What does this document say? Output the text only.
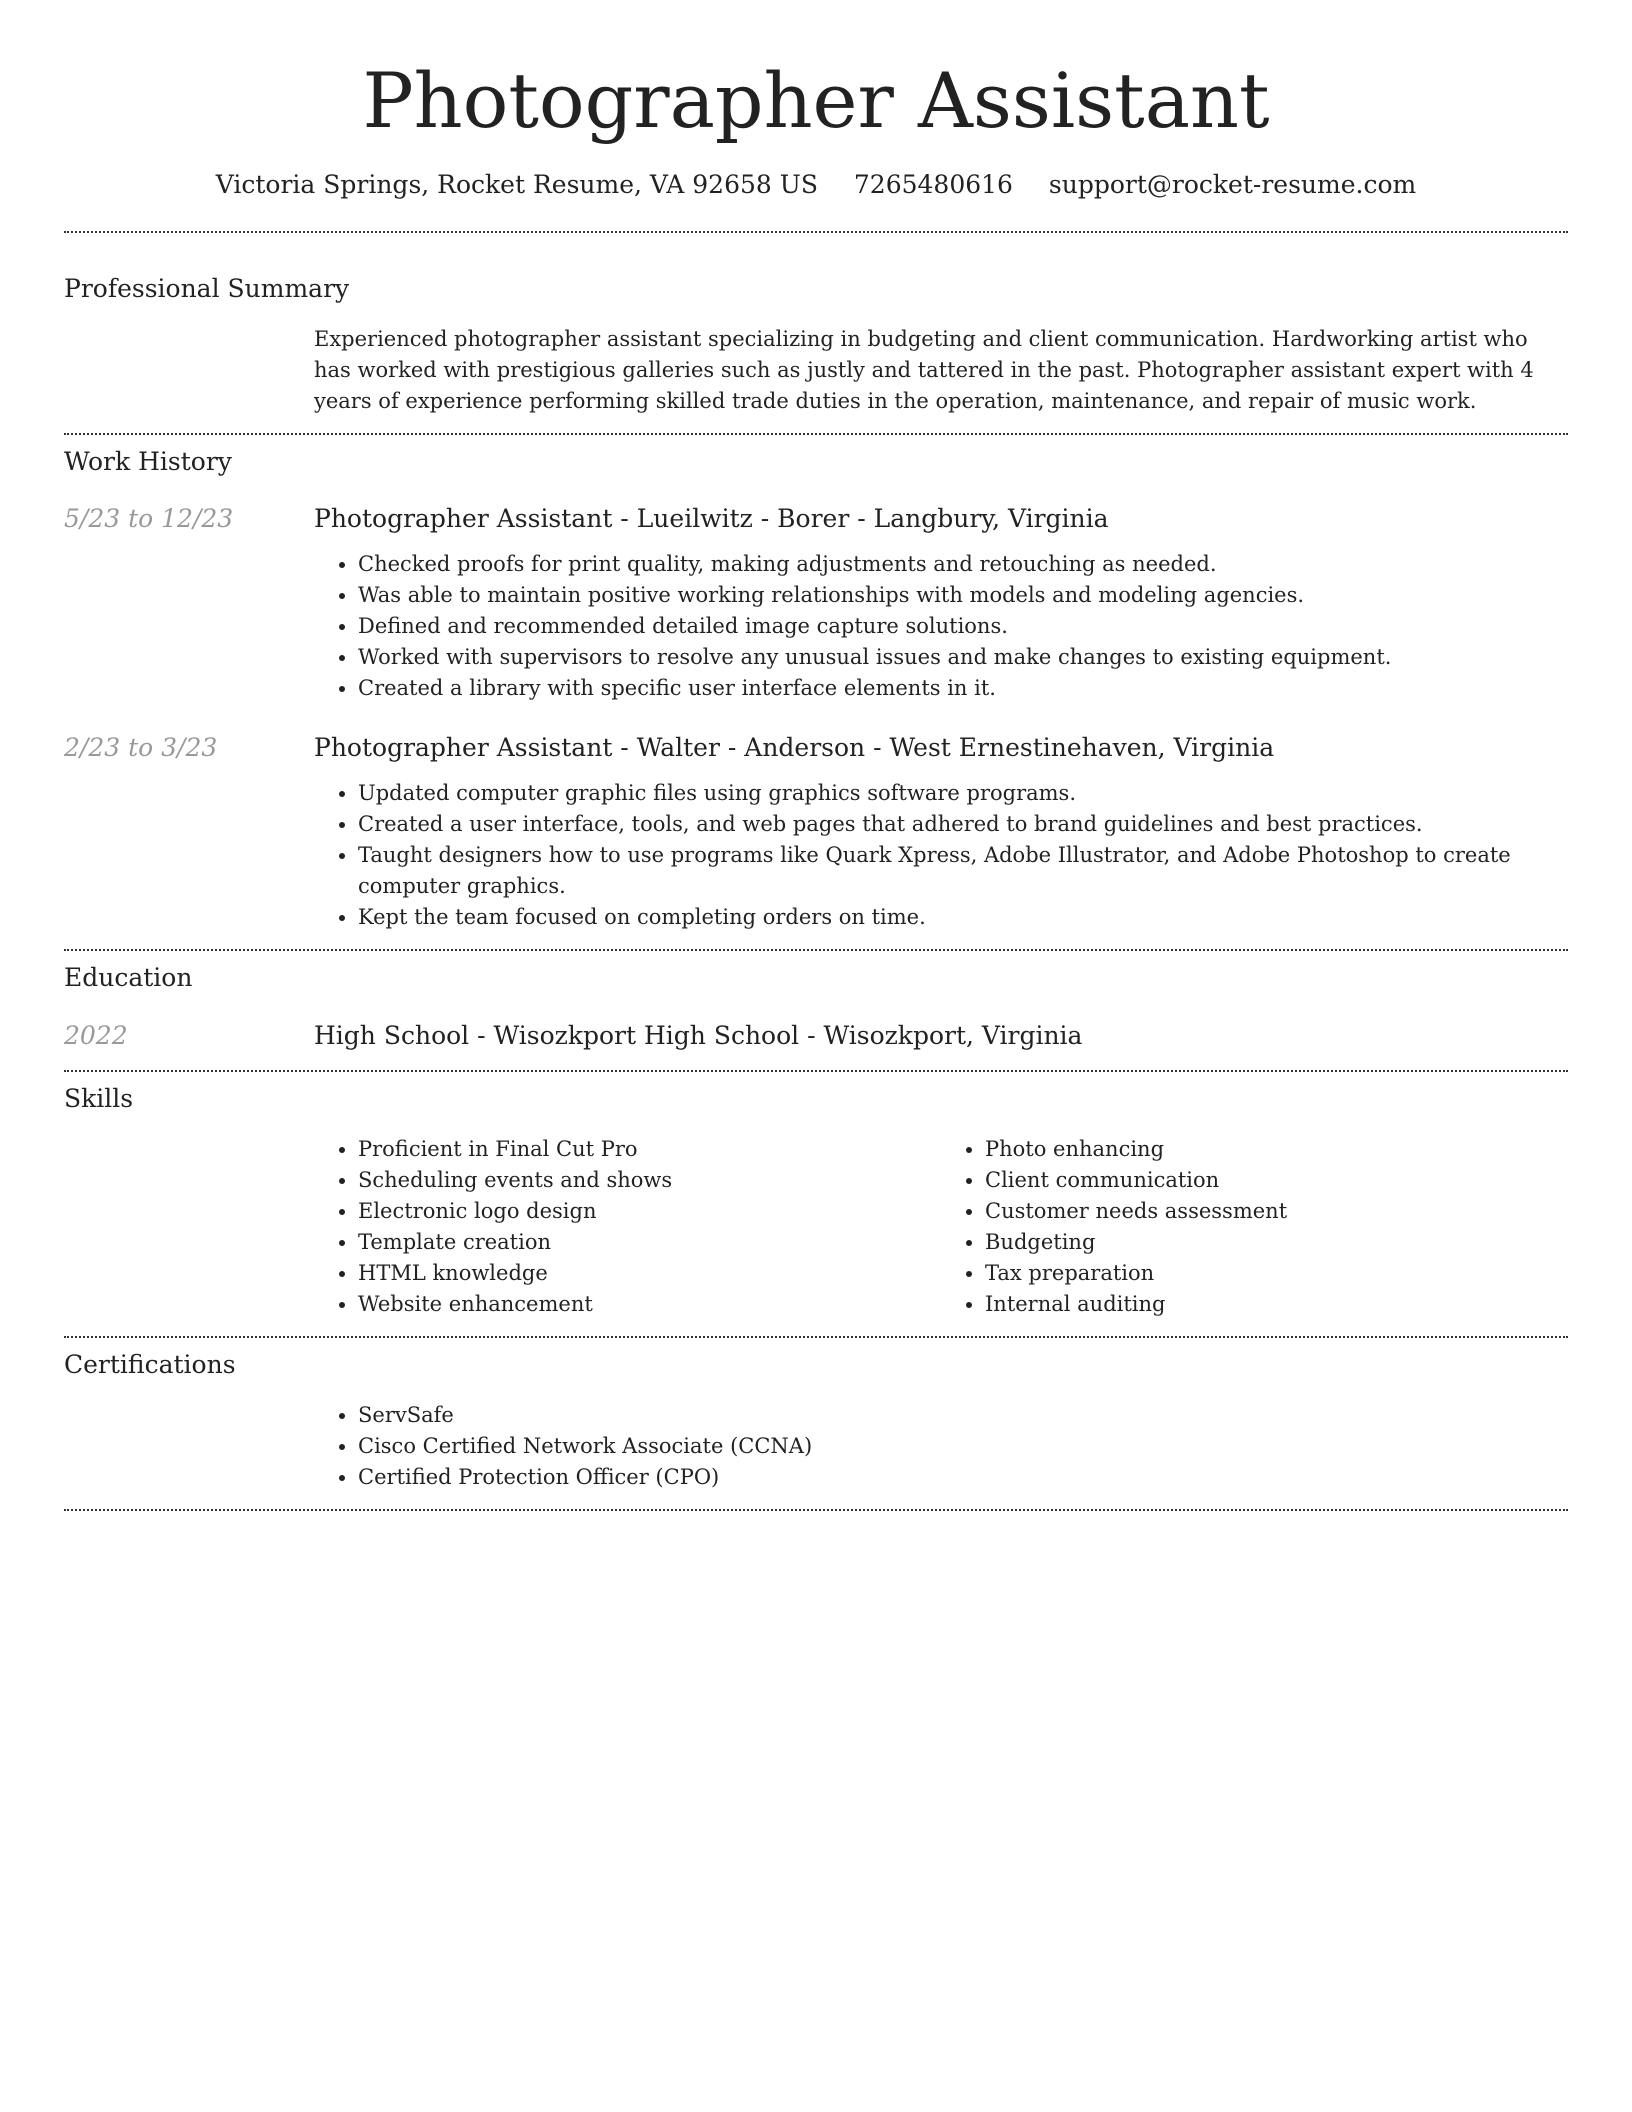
Photographer Assistant
Victoria Springs, Rocket Resume, VA 92658 US 7265480616 support@rocket-resume.com
Professional Summary
Experienced photographer assistant specializing in budgeting and client communication. Hardworking artist who has worked with prestigious galleries such as justly and tattered in the past. Photographer assistant expert with 4 years of experience performing skilled trade duties in the operation, maintenance, and repair of music work.
Work History
5/23 to 12/23	Photographer Assistant - Lueilwitz - Borer - Langbury, Virginia
• Checked proofs for print quality, making adjustments and retouching as needed.
• Was able to maintain positive working relationships with models and modeling agencies.
• Defined and recommended detailed image capture solutions.
• Worked with supervisors to resolve any unusual issues and make changes to existing equipment.
• Created a library with specific user interface elements in it.
2/23 to 3/23	Photographer Assistant - Walter - Anderson - West Ernestinehaven, Virginia
• Updated computer graphic files using graphics software programs.
• Created a user interface, tools, and web pages that adhered to brand guidelines and best practices.
• Taught designers how to use programs like Quark Xpress, Adobe Illustrator, and Adobe Photoshop to create computer graphics.
• Kept the team focused on completing orders on time.
Education
2022	High School - Wisozkport High School - Wisozkport, Virginia
Skills
• Proficient in Final Cut Pro
• Scheduling events and shows
• Electronic logo design
• Template creation
• HTML knowledge
• Website enhancement
• Photo enhancing
• Client communication
• Customer needs assessment
• Budgeting
• Tax preparation
• Internal auditing
Certifications
• ServSafe
• Cisco Certified Network Associate (CCNA)
• Certified Protection Officer (CPO)
